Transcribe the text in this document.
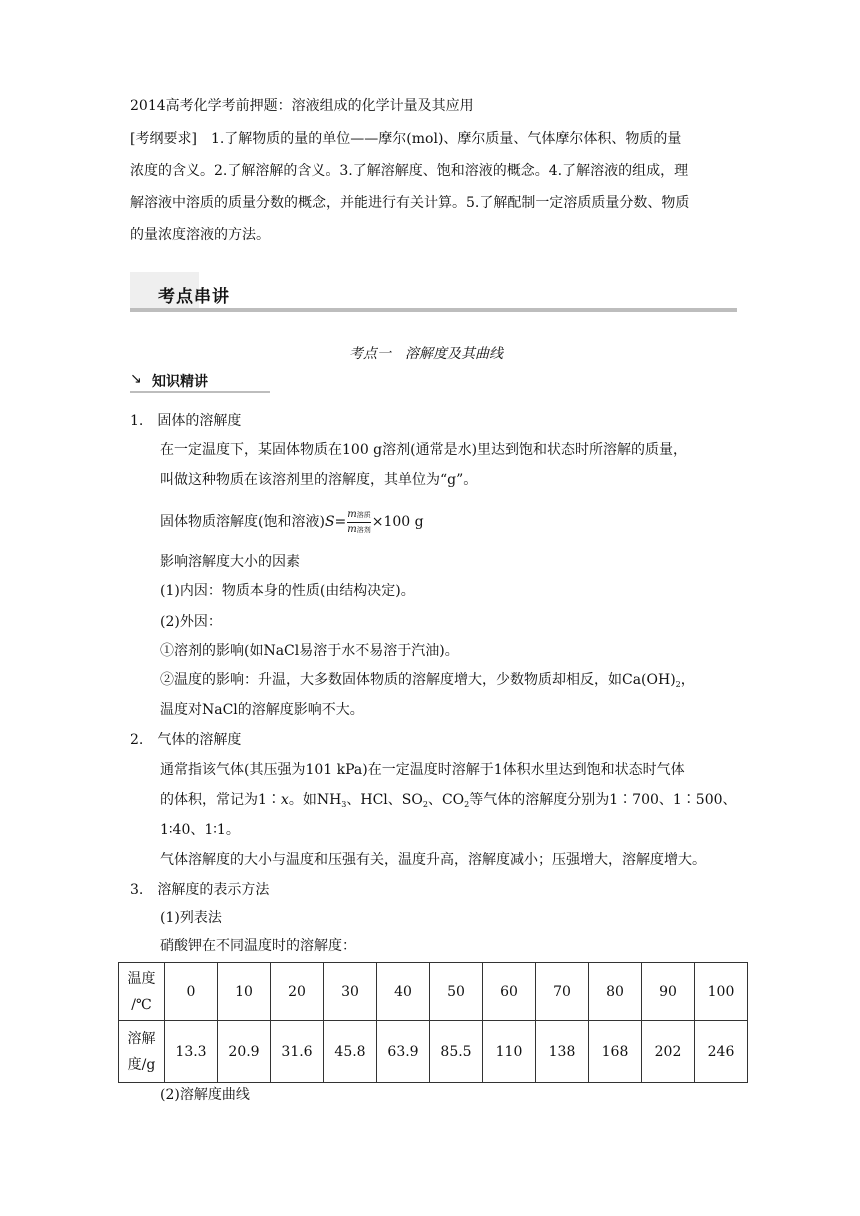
2014高考化学考前押题：溶液组成的化学计量及其应用
[考纲要求] 1.了解物质的量的单位——摩尔(mol)、摩尔质量、气体摩尔体积、物质的量
浓度的含义。2.了解溶解的含义。3.了解溶解度、饱和溶液的概念。4.了解溶液的组成，理
解溶液中溶质的质量分数的概念，并能进行有关计算。5.了解配制一定溶质质量分数、物质
的量浓度溶液的方法。
考点串讲
考点一　溶解度及其曲线
↘ 知识精讲
1.　固体的溶解度
在一定温度下，某固体物质在100 g溶剂(通常是水)里达到饱和状态时所溶解的质量，
叫做这种物质在该溶剂里的溶解度，其单位为“g”。
固体物质溶解度(饱和溶液)$S= \frac{\text{m溶质}}{\text{m溶剂}} \times 100$ g
影响溶解度大小的因素
(1)内因：物质本身的性质(由结构决定)。
(2)外因：
①溶剂的影响(如NaCl易溶于水不易溶于汽油)。
②温度的影响：升温，大多数固体物质的溶解度增大，少数物质却相反，如$Ca(OH)_2$，
温度对NaCl的溶解度影响不大。
2.　气体的溶解度
通常指该气体(其压强为101 kPa)在一定温度时溶解于1体积水里达到饱和状态时气体
的体积，常记为1∶x。如$NH_3$、HCl、$SO_2$、$CO_2$等气体的溶解度分别为1∶700、1∶500、
1∶40、1∶1。
气体溶解度的大小与温度和压强有关，温度升高，溶解度减小；压强增大，溶解度增大。
3.　溶解度的表示方法
(1)列表法
硝酸钾在不同温度时的溶解度：
温度
/℃	0	10	20	30	40	50	60	70	80	90	100
溶解
度/g	13.3	20.9	31.6	45.8	63.9	85.5	110	138	168	202	246
(2)溶解度曲线
